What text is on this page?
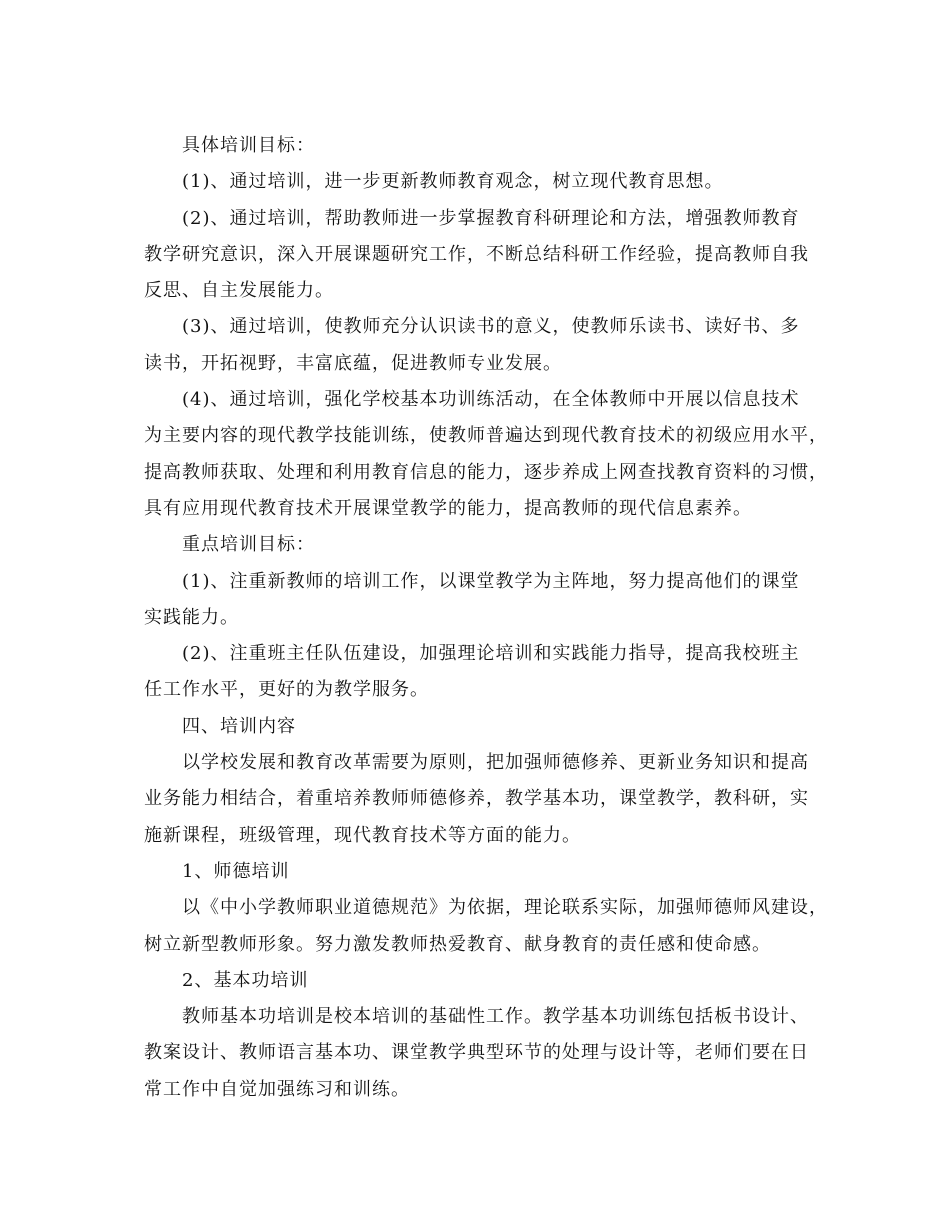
具体培训目标：

(1)、通过培训，进一步更新教师教育观念，树立现代教育思想。

(2)、通过培训，帮助教师进一步掌握教育科研理论和方法，增强教师教育
教学研究意识，深入开展课题研究工作，不断总结科研工作经验，提高教师自我
反思、自主发展能力。

(3)、通过培训，使教师充分认识读书的意义，使教师乐读书、读好书、多
读书，开拓视野，丰富底蕴，促进教师专业发展。

(4)、通过培训，强化学校基本功训练活动，在全体教师中开展以信息技术
为主要内容的现代教学技能训练，使教师普遍达到现代教育技术的初级应用水平，
提高教师获取、处理和利用教育信息的能力，逐步养成上网查找教育资料的习惯，
具有应用现代教育技术开展课堂教学的能力，提高教师的现代信息素养。

重点培训目标：

(1)、注重新教师的培训工作，以课堂教学为主阵地，努力提高他们的课堂
实践能力。

(2)、注重班主任队伍建设，加强理论培训和实践能力指导，提高我校班主
任工作水平，更好的为教学服务。

四、培训内容

以学校发展和教育改革需要为原则，把加强师德修养、更新业务知识和提高
业务能力相结合，着重培养教师师德修养，教学基本功，课堂教学，教科研，实
施新课程，班级管理，现代教育技术等方面的能力。

1、师德培训

以《中小学教师职业道德规范》为依据，理论联系实际，加强师德师风建设，
树立新型教师形象。努力激发教师热爱教育、献身教育的责任感和使命感。

2、基本功培训

教师基本功培训是校本培训的基础性工作。教学基本功训练包括板书设计、
教案设计、教师语言基本功、课堂教学典型环节的处理与设计等，老师们要在日
常工作中自觉加强练习和训练。
